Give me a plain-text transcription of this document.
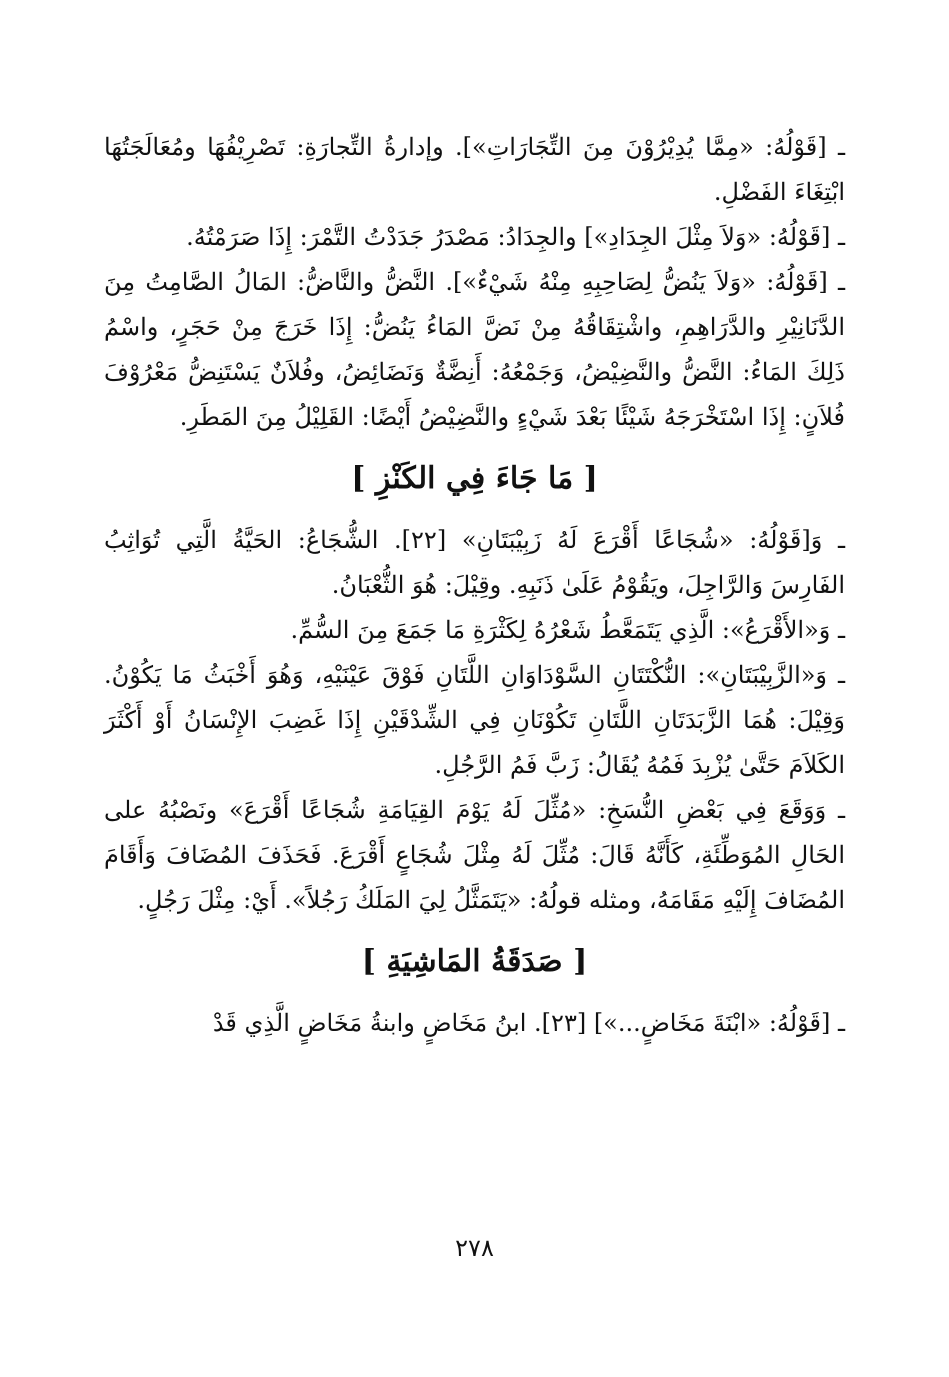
ـ [قَوْلُهُ: «مِمَّا يُدِيْرُوْنَ مِنَ التِّجَارَاتِ»]. وإدارةُ التِّجارَةِ: تَصْرِيْفُهَا ومُعَالَجَتُهَا ابْتِغَاءَ الفَضْلِ.

ـ [قَوْلُهُ: «وَلاَ مِثْلَ الجِدَادِ»] والجِدَادُ: مَصْدَرُ جَدَدْتُ التَّمْرَ: إِذَا صَرَمْتُهُ.

ـ [قَوْلُهُ: «وَلاَ يَنُضُّ لِصَاحِبِهِ مِنْهُ شَيْءٌ»]. النَّضُّ والنَّاضُّ: المَالُ الصَّامِتُ مِنَ الدَّنَانِيْرِ والدَّرَاهِمِ، واشْتِقَاقُهُ مِنْ نَضَّ المَاءُ يَنُضُّ: إِذَا خَرَجَ مِنْ حَجَرٍ، واسْمُ ذَلِكَ المَاءُ: النَّضُّ والنَّضِيْضُ، وَجَمْعُهُ: أَنِضَّةٌ وَنَضَائِضُ، وفُلاَنٌ يَسْتَنِضُّ مَعْرُوْفَ فُلاَنٍ: إِذَا اسْتَخْرَجَهُ شَيْئًا بَعْدَ شَيْءٍ والنَّضِيْضُ أَيْضًا: القَلِيْلُ مِنَ المَطَرِ.

[ مَا جَاءَ فِي الكَنْزِ ]

ـ وَ[قَوْلُهُ: «شُجَاعًا أَقْرَعَ لَهُ زَبِيْبَتَانِ» [٢٢]. الشُّجَاعُ: الحَيَّةُ الَّتِي تُوَاثِبُ الفَارِسَ وَالرَّاجِلَ، ويَقُوْمُ عَلَىٰ ذَنَبِهِ. وقِيْلَ: هُوَ الثُّعْبَانُ.

ـ وَ«الأَقْرَعُ»: الَّذِي يَتَمَعَّطُ شَعْرُهُ لِكَثْرَةِ مَا جَمَعَ مِنَ السُّمِّ.

ـ وَ«الزَّبِيْبَتَانِ»: النُّكْتَتَانِ السَّوْدَاوَانِ اللَّتَانِ فَوْقَ عَيْنَيْهِ، وَهُوَ أَخْبَثُ مَا يَكُوْنُ. وَقِيْلَ: هُمَا الزَّبَدَتَانِ اللَّتَانِ تَكُوْنَانِ فِي الشِّدْقَيْنِ إِذَا غَضِبَ الإِنْسَانُ أَوْ أَكْثَرَ الكَلاَمَ حَتَّىٰ يُزْبِدَ فَمُهُ يُقَالُ: زَبَّ فَمُ الرَّجُلِ.

ـ وَوَقَعَ فِي بَعْضِ النُّسَخِ: «مُثِّلَ لَهُ يَوْمَ القِيَامَةِ شُجَاعًا أَقْرَعَ» ونَصْبُهُ على الحَالِ المُوَطِّئَةِ، كَأَنَّهُ قَالَ: مُثِّلَ لَهُ مِثْلَ شُجَاعٍ أَقْرَعَ. فَحَذَفَ المُضَافَ وَأَقَامَ المُضَافَ إِلَيْهِ مَقَامَهُ، ومثله قولُهُ: «يَتَمَثَّلُ لِيَ المَلَكُ رَجُلاً». أَيْ: مِثْلَ رَجُلٍ.

[ صَدَقَةُ المَاشِيَةِ ]

ـ [قَوْلُهُ: «ابْنَةَ مَخَاضٍ...»] [٢٣]. ابنُ مَخَاضٍ وابنةُ مَخَاضٍ الَّذِي قَدْ

٢٧٨
